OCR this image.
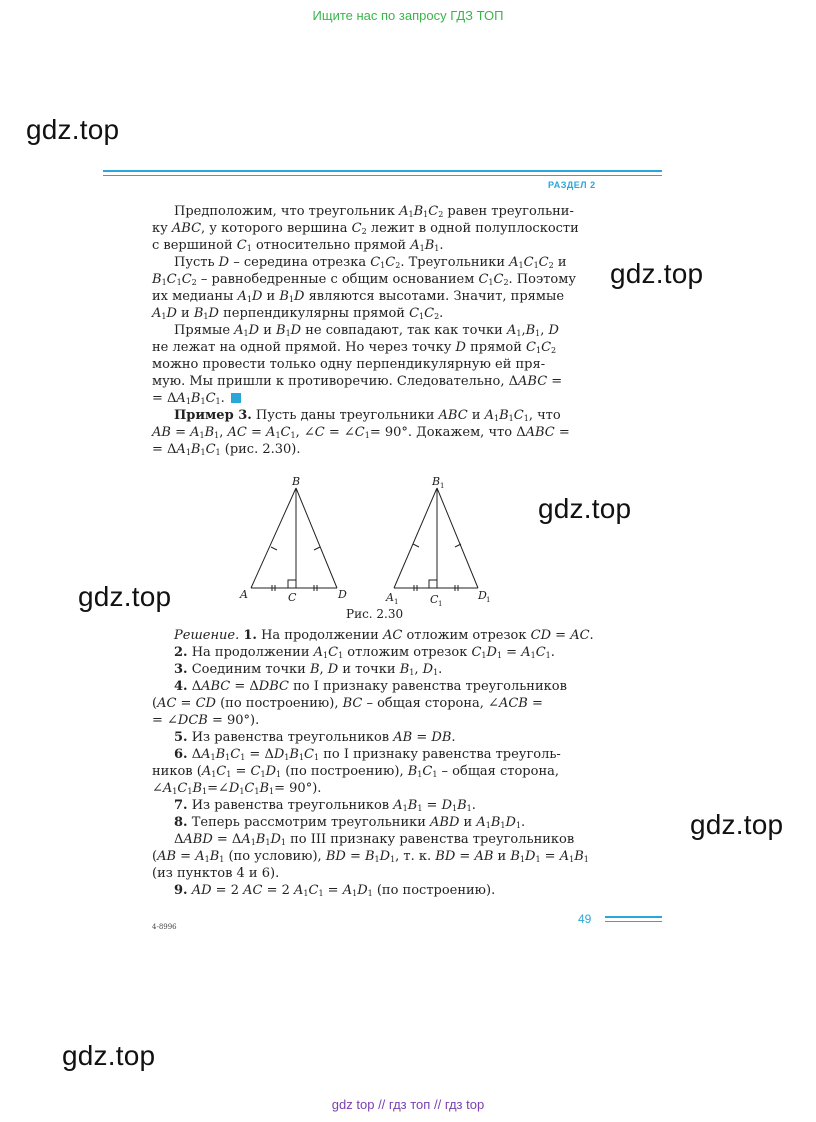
Ищите нас по запросу ГДЗ ТОП
gdz.top
gdz.top
gdz.top
gdz.top
gdz.top
gdz.top
РАЗДЕЛ 2

Предположим, что треугольник $A_1B_1C_2$ равен треугольни-

ку ABC, у которого вершина $C_2$ лежит в одной полуплоскости

с вершиной $C_1$ относительно прямой $A_1B_1$.

Пусть D – середина отрезка $C_1C_2$. Треугольники $A_1C_1C_2$ и

$B_1C_1C_2$ – равнобедренные с общим основанием $C_1C_2$. Поэтому

их медианы $A_1D$ и $B_1D$ являются высотами. Значит, прямые

$A_1D$ и $B_1D$ перпендикулярны прямой $C_1C_2$.

Прямые $A_1D$ и $B_1D$ не совпадают, так как точки $A_1,B_1$, D

не лежат на одной прямой. Но через точку D прямой $C_1C_2$

можно провести только одну перпендикулярную ей пря-

мую. Мы пришли к противоречию. Следовательно, ΔABC =

= $\Delta A_1B_1C_1$.

Пример 3. Пусть даны треугольники ABC и $A_1B_1C_1$, что

AB = $A_1B_1$, AC = $A_1C_1$, ∠C = $\angle C_1= 90^\circ$. Докажем, что ΔABC =

= $\Delta A_1B_1C_1$ (рис. 2.30).

B
A	C	D
B 1
A 1	C 1
D 1
Рис. 2.30

Решение. 1. На продолжении AC отложим отрезок CD = AC.

2. На продолжении $A_1C_1$ отложим отрезок $C_1D_1 = A_1C_1$.

3. Соединим точки B, D и точки $B_1$, $D_1$.

4. ΔABC = ΔDBC по I признаку равенства треугольников

(AC = CD (по построению), BC – общая сторона, ∠ACB =

= ∠DCB = 90°).

5. Из равенства треугольников AB = DB.

6. $\Delta A_1B_1C_1 = \Delta D_1B_1C_1$ по I признаку равенства треуголь-

ников ($A_1C_1 = C_1D_1$ (по построению), $B_1C_1$ – общая сторона,

$\angle A_1C_1B_1=\angle D_1C_1B_1= 90^\circ$).

7. Из равенства треугольников $A_1B_1 = D_1B_1$.

8. Теперь рассмотрим треугольники ABD и $A_1B_1D_1$.

$\Delta ABD = \Delta A_1B_1D_1$ по III признаку равенства треугольников

($AB = A_1B_1$ (по условию), BD = $B_1D_1$, т. к. BD = AB и $B_1D_1 = A_1B_1$

(из пунктов 4 и 6).

9. AD = 2 AC = 2 $A_1C_1 = A_1D_1$ (по построению).

49
4-8996
gdz top // гдз топ // гдз top
